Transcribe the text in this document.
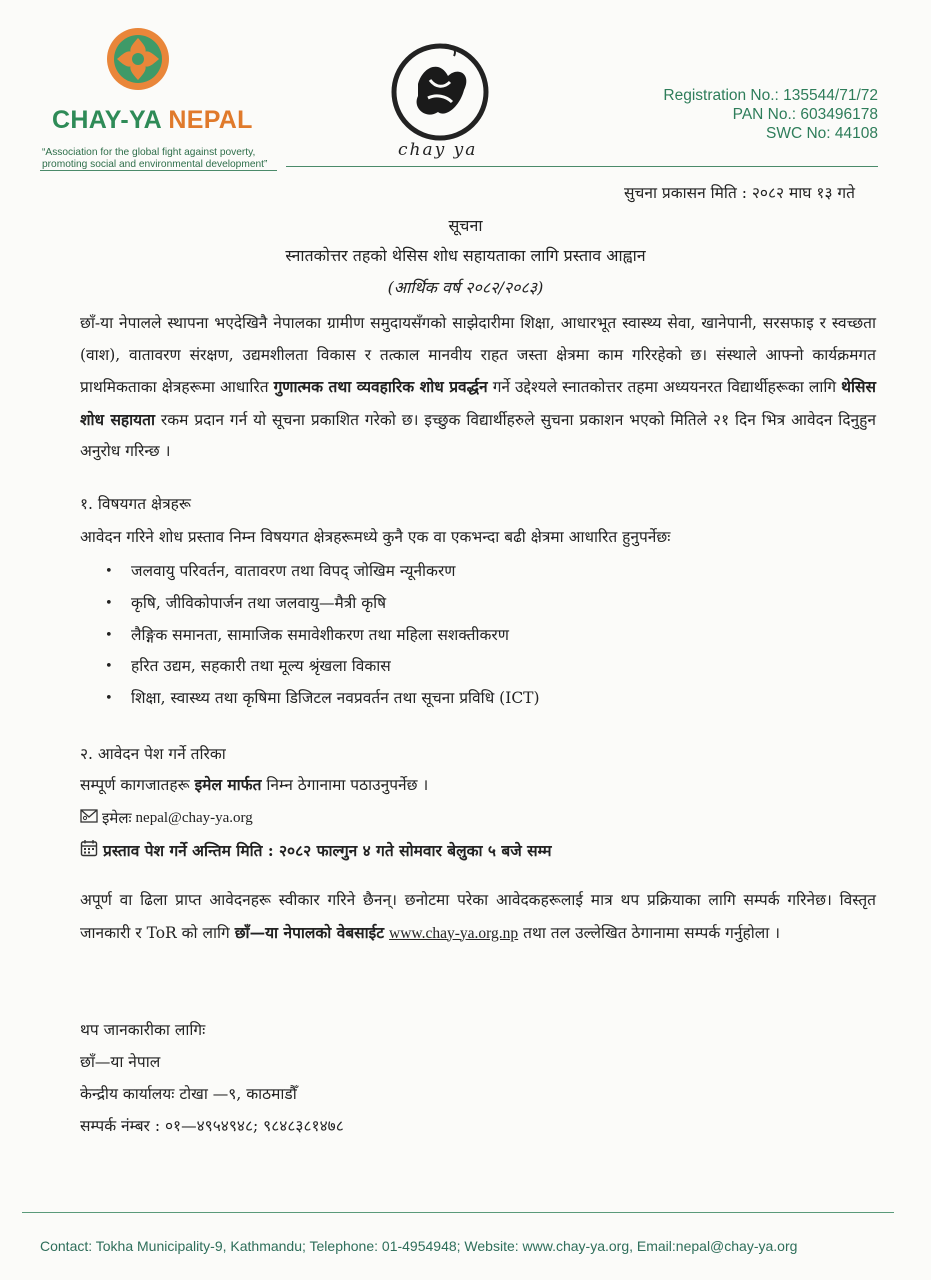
CHAY-YA NEPAL
“Association for the global fight against poverty, promoting social and environmental development”
chay ya
Registration No.: 135544/71/72
PAN No.: 603496178
SWC No: 44108
सुचना प्रकासन मिति : २०८२ माघ १३ गते
सूचना
स्नातकोत्तर तहको थेसिस शोध सहायताका लागि प्रस्ताव आह्वान
(आर्थिक वर्ष २०८२/२०८३)
छाँ-या नेपालले स्थापना भएदेखिनै नेपालका ग्रामीण समुदायसँगको साझेदारीमा शिक्षा, आधारभूत स्वास्थ्य सेवा, खानेपानी, सरसफाइ र स्वच्छता (वाश), वातावरण संरक्षण, उद्यमशीलता विकास र तत्काल मानवीय राहत जस्ता क्षेत्रमा काम गरिरहेको छ। संस्थाले आफ्नो कार्यक्रमगत प्राथमिकताका क्षेत्रहरूमा आधारित गुणात्मक तथा व्यवहारिक शोध प्रवर्द्धन गर्ने उद्देश्यले स्नातकोत्तर तहमा अध्ययनरत विद्यार्थीहरूका लागि थेसिस शोध सहायता रकम प्रदान गर्न यो सूचना प्रकाशित गरेको छ। इच्छुक विद्यार्थीहरुले सुचना प्रकाशन भएको मितिले २१ दिन भित्र आवेदन दिनुहुन अनुरोध गरिन्छ ।
१. विषयगत क्षेत्रहरू
आवेदन गरिने शोध प्रस्ताव निम्न विषयगत क्षेत्रहरूमध्ये कुनै एक वा एकभन्दा बढी क्षेत्रमा आधारित हुनुपर्नेछः
• जलवायु परिवर्तन, वातावरण तथा विपद् जोखिम न्यूनीकरण
• कृषि, जीविकोपार्जन तथा जलवायु—मैत्री कृषि
• लैङ्गिक समानता, सामाजिक समावेशीकरण तथा महिला सशक्तीकरण
• हरित उद्यम, सहकारी तथा मूल्य श्रृंखला विकास
• शिक्षा, स्वास्थ्य तथा कृषिमा डिजिटल नवप्रवर्तन तथा सूचना प्रविधि (ICT)
२. आवेदन पेश गर्ने तरिका
सम्पूर्ण कागजातहरू इमेल मार्फत निम्न ठेगानामा पठाउनुपर्नेछ ।
इमेलः nepal@chay-ya.org
प्रस्ताव पेश गर्ने अन्तिम मिति : २०८२ फाल्गुन ४ गते सोमवार बेलुका ५ बजे सम्म
अपूर्ण वा ढिला प्राप्त आवेदनहरू स्वीकार गरिने छैनन्। छनोटमा परेका आवेदकहरूलाई मात्र थप प्रक्रियाका लागि सम्पर्क गरिनेछ। विस्तृत जानकारी र ToR को लागि छाँ—या नेपालको वेबसाईट www.chay-ya.org.np तथा तल उल्लेखित ठेगानामा सम्पर्क गर्नुहोला ।
थप जानकारीका लागिः
छाँ—या नेपाल
केन्द्रीय कार्यालयः टोखा —९, काठमाडौँ
सम्पर्क नंम्बर : ०१—४९५४९४८; ९८४८३८१४७८
Contact: Tokha Municipality-9, Kathmandu; Telephone: 01-4954948; Website: www.chay-ya.org, Email:nepal@chay-ya.org
